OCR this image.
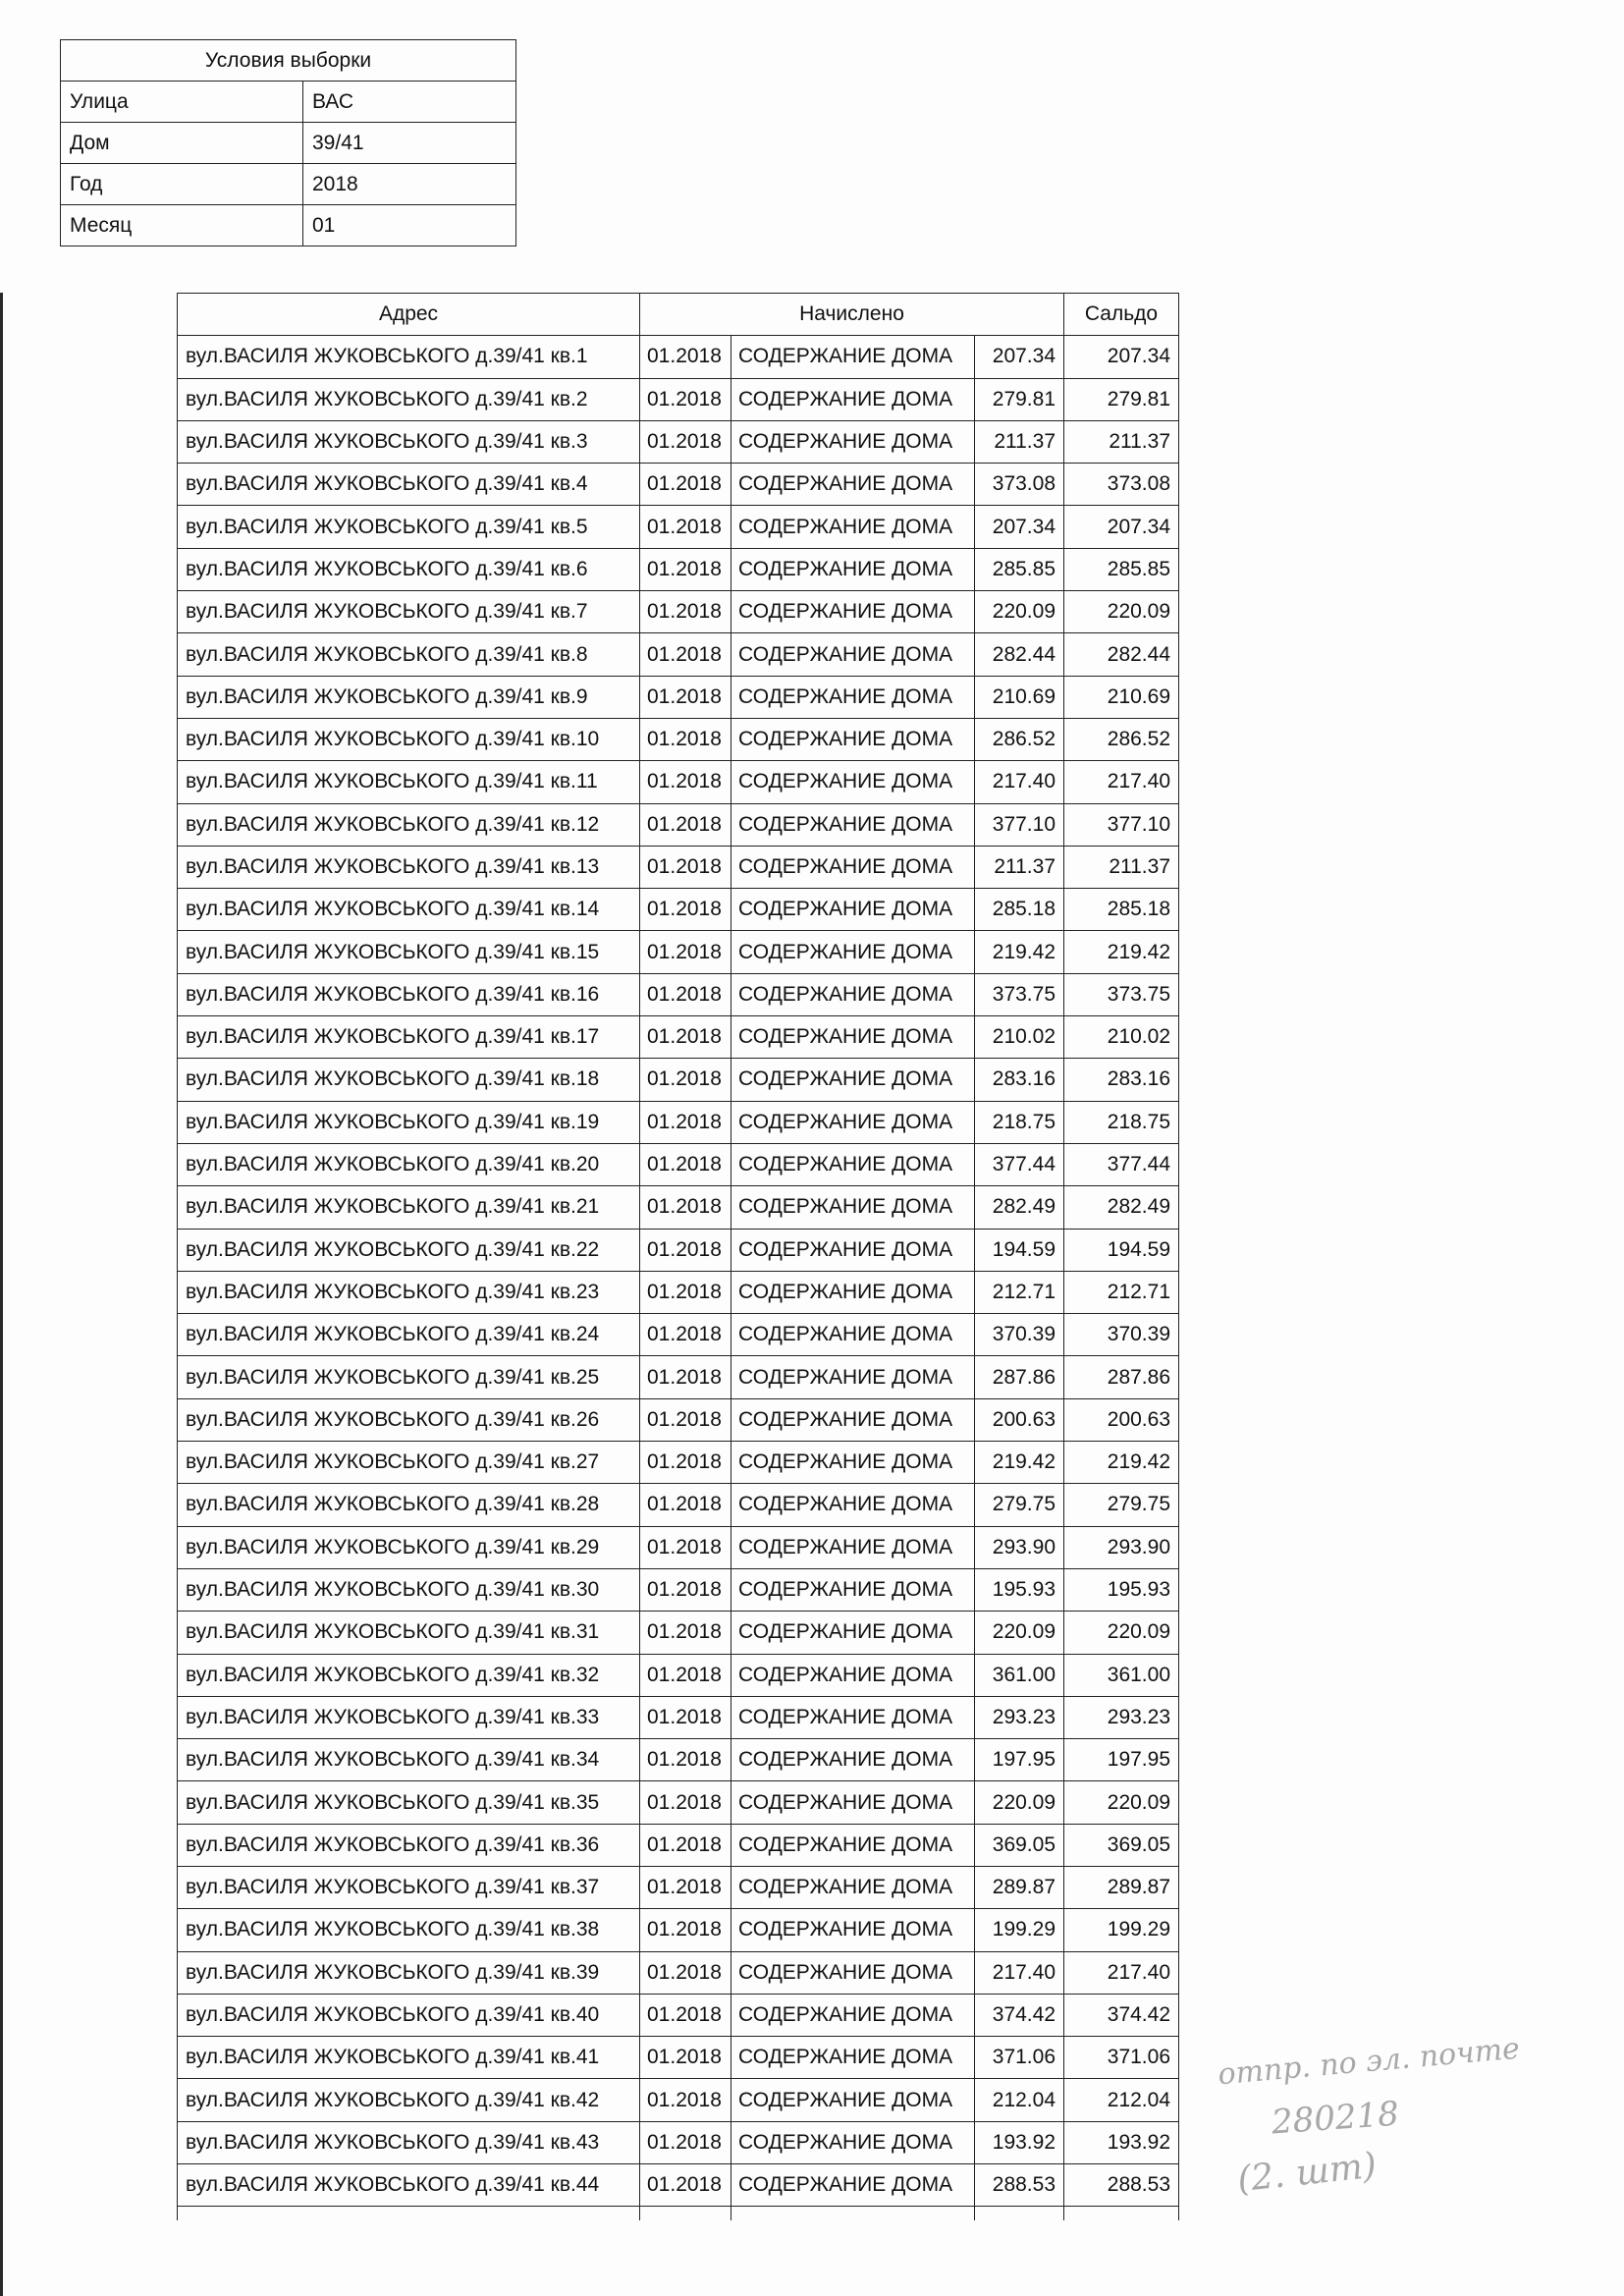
Условия выборки	
Улица	ВАС
Дом	39/41
Год	2018
Месяц	01
Адрес	Начислено			Сальдо
вул.ВАСИЛЯ ЖУКОВСЬКОГО д.39/41 кв.1	01.2018	СОДЕРЖАНИЕ ДОМА	207.34	207.34
вул.ВАСИЛЯ ЖУКОВСЬКОГО д.39/41 кв.2	01.2018	СОДЕРЖАНИЕ ДОМА	279.81	279.81
вул.ВАСИЛЯ ЖУКОВСЬКОГО д.39/41 кв.3	01.2018	СОДЕРЖАНИЕ ДОМА	211.37	211.37
вул.ВАСИЛЯ ЖУКОВСЬКОГО д.39/41 кв.4	01.2018	СОДЕРЖАНИЕ ДОМА	373.08	373.08
вул.ВАСИЛЯ ЖУКОВСЬКОГО д.39/41 кв.5	01.2018	СОДЕРЖАНИЕ ДОМА	207.34	207.34
вул.ВАСИЛЯ ЖУКОВСЬКОГО д.39/41 кв.6	01.2018	СОДЕРЖАНИЕ ДОМА	285.85	285.85
вул.ВАСИЛЯ ЖУКОВСЬКОГО д.39/41 кв.7	01.2018	СОДЕРЖАНИЕ ДОМА	220.09	220.09
вул.ВАСИЛЯ ЖУКОВСЬКОГО д.39/41 кв.8	01.2018	СОДЕРЖАНИЕ ДОМА	282.44	282.44
вул.ВАСИЛЯ ЖУКОВСЬКОГО д.39/41 кв.9	01.2018	СОДЕРЖАНИЕ ДОМА	210.69	210.69
вул.ВАСИЛЯ ЖУКОВСЬКОГО д.39/41 кв.10	01.2018	СОДЕРЖАНИЕ ДОМА	286.52	286.52
вул.ВАСИЛЯ ЖУКОВСЬКОГО д.39/41 кв.11	01.2018	СОДЕРЖАНИЕ ДОМА	217.40	217.40
вул.ВАСИЛЯ ЖУКОВСЬКОГО д.39/41 кв.12	01.2018	СОДЕРЖАНИЕ ДОМА	377.10	377.10
вул.ВАСИЛЯ ЖУКОВСЬКОГО д.39/41 кв.13	01.2018	СОДЕРЖАНИЕ ДОМА	211.37	211.37
вул.ВАСИЛЯ ЖУКОВСЬКОГО д.39/41 кв.14	01.2018	СОДЕРЖАНИЕ ДОМА	285.18	285.18
вул.ВАСИЛЯ ЖУКОВСЬКОГО д.39/41 кв.15	01.2018	СОДЕРЖАНИЕ ДОМА	219.42	219.42
вул.ВАСИЛЯ ЖУКОВСЬКОГО д.39/41 кв.16	01.2018	СОДЕРЖАНИЕ ДОМА	373.75	373.75
вул.ВАСИЛЯ ЖУКОВСЬКОГО д.39/41 кв.17	01.2018	СОДЕРЖАНИЕ ДОМА	210.02	210.02
вул.ВАСИЛЯ ЖУКОВСЬКОГО д.39/41 кв.18	01.2018	СОДЕРЖАНИЕ ДОМА	283.16	283.16
вул.ВАСИЛЯ ЖУКОВСЬКОГО д.39/41 кв.19	01.2018	СОДЕРЖАНИЕ ДОМА	218.75	218.75
вул.ВАСИЛЯ ЖУКОВСЬКОГО д.39/41 кв.20	01.2018	СОДЕРЖАНИЕ ДОМА	377.44	377.44
вул.ВАСИЛЯ ЖУКОВСЬКОГО д.39/41 кв.21	01.2018	СОДЕРЖАНИЕ ДОМА	282.49	282.49
вул.ВАСИЛЯ ЖУКОВСЬКОГО д.39/41 кв.22	01.2018	СОДЕРЖАНИЕ ДОМА	194.59	194.59
вул.ВАСИЛЯ ЖУКОВСЬКОГО д.39/41 кв.23	01.2018	СОДЕРЖАНИЕ ДОМА	212.71	212.71
вул.ВАСИЛЯ ЖУКОВСЬКОГО д.39/41 кв.24	01.2018	СОДЕРЖАНИЕ ДОМА	370.39	370.39
вул.ВАСИЛЯ ЖУКОВСЬКОГО д.39/41 кв.25	01.2018	СОДЕРЖАНИЕ ДОМА	287.86	287.86
вул.ВАСИЛЯ ЖУКОВСЬКОГО д.39/41 кв.26	01.2018	СОДЕРЖАНИЕ ДОМА	200.63	200.63
вул.ВАСИЛЯ ЖУКОВСЬКОГО д.39/41 кв.27	01.2018	СОДЕРЖАНИЕ ДОМА	219.42	219.42
вул.ВАСИЛЯ ЖУКОВСЬКОГО д.39/41 кв.28	01.2018	СОДЕРЖАНИЕ ДОМА	279.75	279.75
вул.ВАСИЛЯ ЖУКОВСЬКОГО д.39/41 кв.29	01.2018	СОДЕРЖАНИЕ ДОМА	293.90	293.90
вул.ВАСИЛЯ ЖУКОВСЬКОГО д.39/41 кв.30	01.2018	СОДЕРЖАНИЕ ДОМА	195.93	195.93
вул.ВАСИЛЯ ЖУКОВСЬКОГО д.39/41 кв.31	01.2018	СОДЕРЖАНИЕ ДОМА	220.09	220.09
вул.ВАСИЛЯ ЖУКОВСЬКОГО д.39/41 кв.32	01.2018	СОДЕРЖАНИЕ ДОМА	361.00	361.00
вул.ВАСИЛЯ ЖУКОВСЬКОГО д.39/41 кв.33	01.2018	СОДЕРЖАНИЕ ДОМА	293.23	293.23
вул.ВАСИЛЯ ЖУКОВСЬКОГО д.39/41 кв.34	01.2018	СОДЕРЖАНИЕ ДОМА	197.95	197.95
вул.ВАСИЛЯ ЖУКОВСЬКОГО д.39/41 кв.35	01.2018	СОДЕРЖАНИЕ ДОМА	220.09	220.09
вул.ВАСИЛЯ ЖУКОВСЬКОГО д.39/41 кв.36	01.2018	СОДЕРЖАНИЕ ДОМА	369.05	369.05
вул.ВАСИЛЯ ЖУКОВСЬКОГО д.39/41 кв.37	01.2018	СОДЕРЖАНИЕ ДОМА	289.87	289.87
вул.ВАСИЛЯ ЖУКОВСЬКОГО д.39/41 кв.38	01.2018	СОДЕРЖАНИЕ ДОМА	199.29	199.29
вул.ВАСИЛЯ ЖУКОВСЬКОГО д.39/41 кв.39	01.2018	СОДЕРЖАНИЕ ДОМА	217.40	217.40
вул.ВАСИЛЯ ЖУКОВСЬКОГО д.39/41 кв.40	01.2018	СОДЕРЖАНИЕ ДОМА	374.42	374.42
вул.ВАСИЛЯ ЖУКОВСЬКОГО д.39/41 кв.41	01.2018	СОДЕРЖАНИЕ ДОМА	371.06	371.06
вул.ВАСИЛЯ ЖУКОВСЬКОГО д.39/41 кв.42	01.2018	СОДЕРЖАНИЕ ДОМА	212.04	212.04
вул.ВАСИЛЯ ЖУКОВСЬКОГО д.39/41 кв.43	01.2018	СОДЕРЖАНИЕ ДОМА	193.92	193.92
вул.ВАСИЛЯ ЖУКОВСЬКОГО д.39/41 кв.44	01.2018	СОДЕРЖАНИЕ ДОМА	288.53	288.53

отпр. по эл. почте
280218
(2. шт)
